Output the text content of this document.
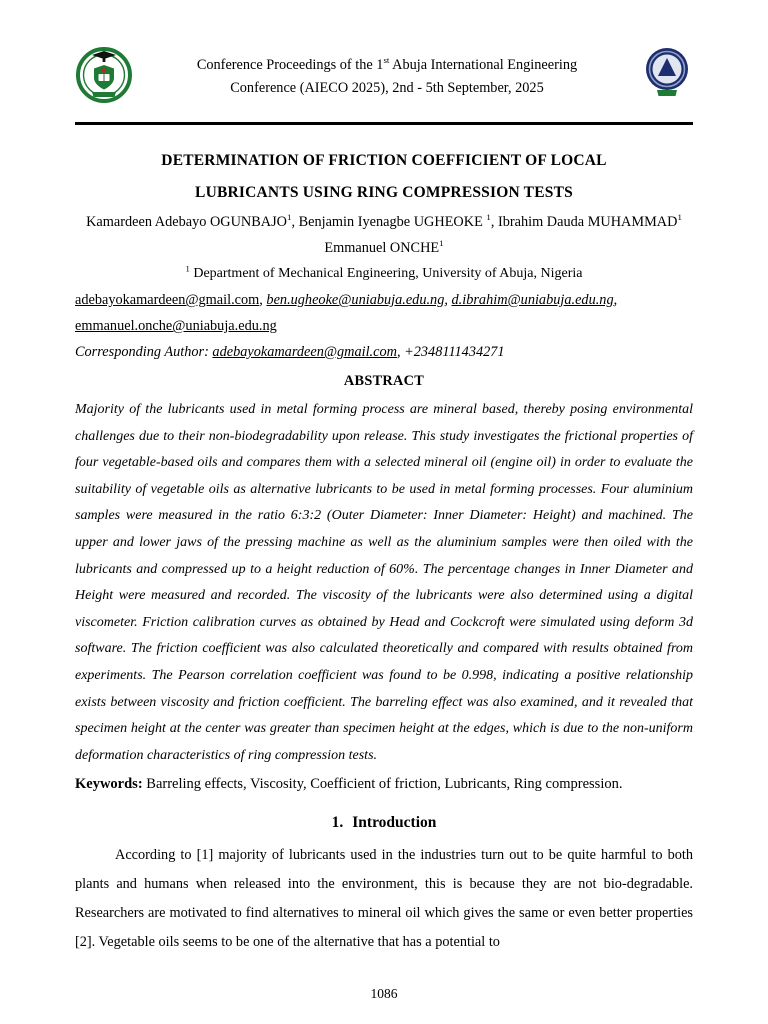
Conference Proceedings of the 1st Abuja International Engineering
Conference (AIECO 2025), 2nd - 5th September, 2025
DETERMINATION OF FRICTION COEFFICIENT OF LOCAL
LUBRICANTS USING RING COMPRESSION TESTS

Kamardeen Adebayo OGUNBAJO$^1$, Benjamin Iyenagbe UGHEOKE $^1$, Ibrahim Dauda MUHAMMAD$^1$ Emmanuel ONCHE$^1$

$^1$ Department of Mechanical Engineering, University of Abuja, Nigeria

adebayokamardeen@gmail.com, ben.ugheoke@uniabuja.edu.ng, d.ibrahim@uniabuja.edu.ng, emmanuel.onche@uniabuja.edu.ng

Corresponding Author: adebayokamardeen@gmail.com, +2348111434271

ABSTRACT

Majority of the lubricants used in metal forming process are mineral based, thereby posing environmental challenges due to their non-biodegradability upon release. This study investigates the frictional properties of four vegetable-based oils and compares them with a selected mineral oil (engine oil) in order to evaluate the suitability of vegetable oils as alternative lubricants to be used in metal forming processes. Four aluminium samples were measured in the ratio 6:3:2 (Outer Diameter: Inner Diameter: Height) and machined. The upper and lower jaws of the pressing machine as well as the aluminium samples were then oiled with the lubricants and compressed up to a height reduction of 60%. The percentage changes in Inner Diameter and Height were measured and recorded. The viscosity of the lubricants were also determined using a digital viscometer. Friction calibration curves as obtained by Head and Cockcroft were simulated using deform 3d software. The friction coefficient was also calculated theoretically and compared with results obtained from experiments. The Pearson correlation coefficient was found to be 0.998, indicating a positive relationship exists between viscosity and friction coefficient. The barreling effect was also examined, and it revealed that specimen height at the center was greater than specimen height at the edges, which is due to the non-uniform deformation characteristics of ring compression tests.

Keywords: Barreling effects, Viscosity, Coefficient of friction, Lubricants, Ring compression.

1. Introduction

According to [1] majority of lubricants used in the industries turn out to be quite harmful to both plants and humans when released into the environment, this is because they are not bio-degradable. Researchers are motivated to find alternatives to mineral oil which gives the same or even better properties [2]. Vegetable oils seems to be one of the alternative that has a potential to

1086
